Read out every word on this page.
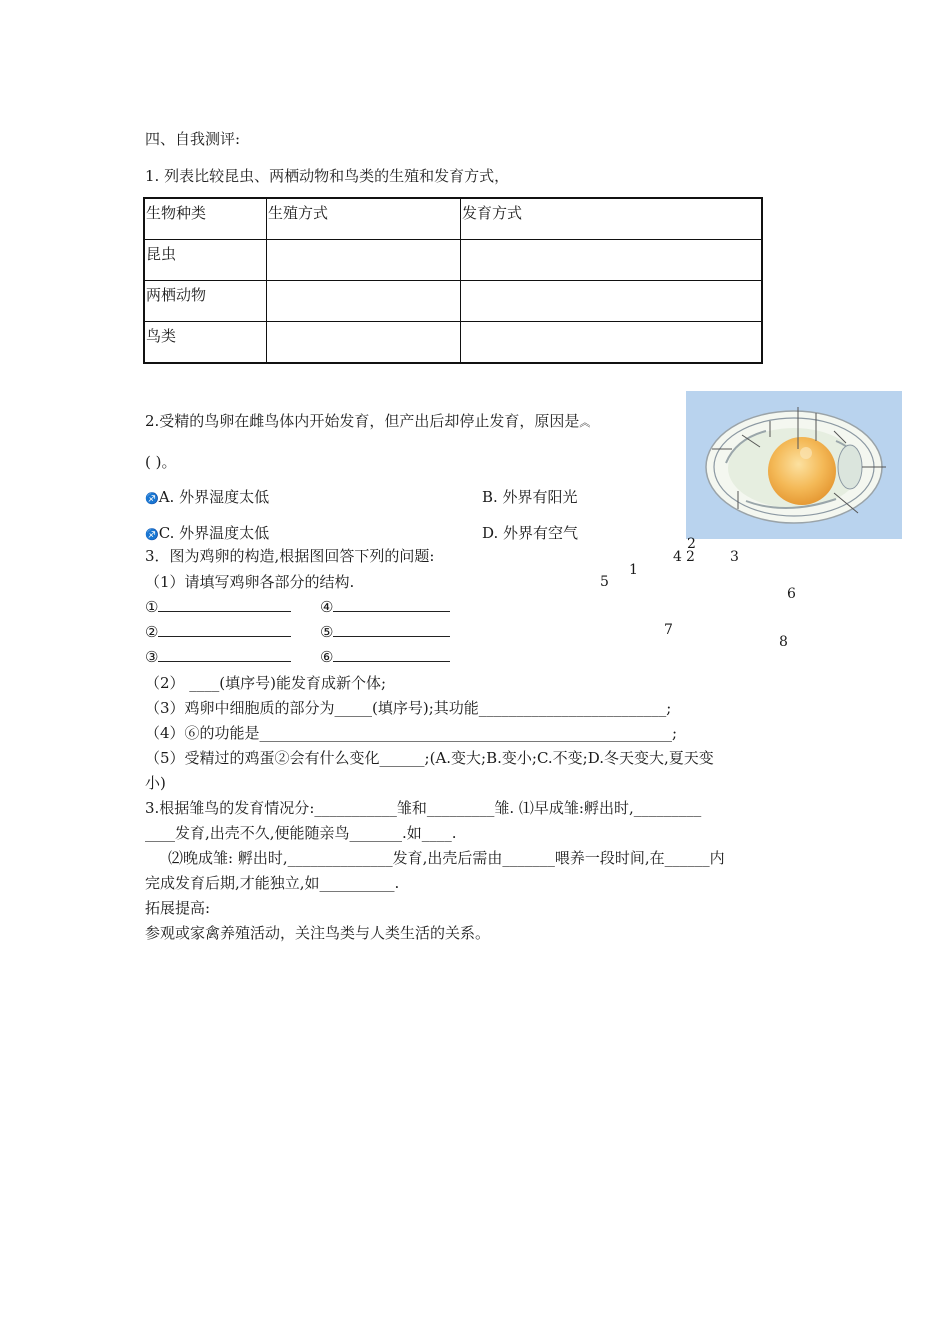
四、自我测评:
1. 列表比较昆虫、两栖动物和鸟类的生殖和发育方式，
生物种类	生殖方式	发育方式
昆虫		
两栖动物		
鸟类		
2.受精的鸟卵在雌鸟体内开始发育，但产出后却停止发育，原因是︽
( )。
♐A. 外界湿度太低	B. 外界有阳光
♐C. 外界温度太低	D. 外界有空气
2
2
4	3
1
5
6
7
8
3．图为鸡卵的构造,根据图回答下列的问题:
（1）请填写鸡卵各部分的结构.
①	④
②	⑤
③	⑥
（2） ____(填序号)能发育成新个体;
（3）鸡卵中细胞质的部分为_____(填序号);其功能_________________________;
（4）⑥的功能是_______________________________________________________;
（5）受精过的鸡蛋②会有什么变化______;(A.变大;B.变小;C.不变;D.冬天变大,夏天变
小)
3.根据雏鸟的发育情况分:___________雏和_________雏. ⑴早成雏:孵出时,_________
____发育,出壳不久,便能随亲鸟_______.如____.
⑵晚成雏: 孵出时,______________发育,出壳后需由_______喂养一段时间,在______内
完成发育后期,才能独立,如__________.
拓展提高:
参观或家禽养殖活动，关注鸟类与人类生活的关系。
